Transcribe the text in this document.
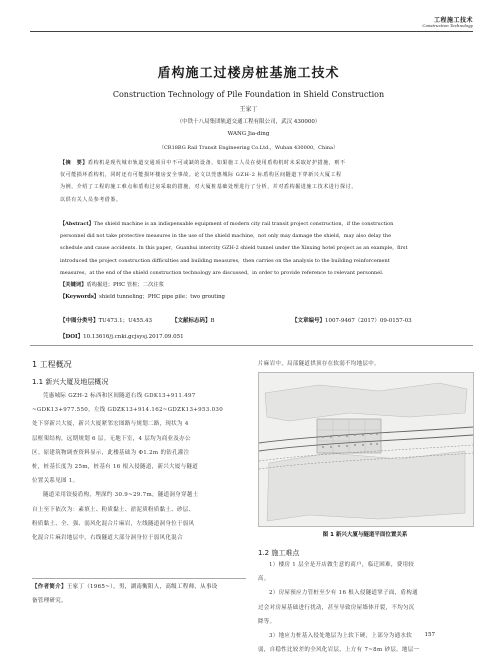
工程施工技术
Construction Technology
盾构施工过楼房桩基施工技术
Construction Technology of Pile Foundation in Shield Construction
王家丁
（中铁十八局集团轨道交通工程有限公司，武汉 430000）
WANG Jia-ding
（CR18BG Rail Transit Engineering Co.Ltd.，Wuhan 430000，China）
【摘　要】盾构机是现代城市轨道交通项目中不可或缺的设备，如果施工人员在使用盾构机时未采取好护措施，则不
仅可能损坏盾构机，同时还有可能损坏楼房安全事故。论文以莞惠城际 GZH-2 标盾构区间隧道下穿新兴大厦工程
为例，介绍了工程的施工难点和盾构过房采取的措施，对大厦桩基础处理进行了分析，并对盾构掘进施工技术进行探讨，
以供有关人员参考借鉴。
【Abstract】The shield machine is an indispensable equipment of modern city rail transit project construction，if the construction
personnel did not take protective measures in the use of the shield machine，not only may damage the shield，may also delay the
schedule and cause accidents. In this paper，Guanhui intercity GZH-2 shield tunnel under the Xinxing hotel project as an example，first
introduced the project construction difficulties and building measures，then carries on the analysis to the building reinforcement
measures，at the end of the shield construction technology are discussed，in order to provide reference to relevant personnel.
【关键词】盾构掘进；PHC 管桩；二次注浆
【Keywords】shield tunneling；PHC pipe pile；two grouting
【中图分类号】TU473.1；U455.43	【文献标志码】B	【文章编号】1007-9467（2017）09-0157-03
【DOI】10.13616/j.cnki.gcjsysj.2017.09.051
1 工程概况
1.1 新兴大厦及地层概况
莞惠城际 GZH-2 标西和区间隧道右线 GDK13+911.497
~GDK13+977.550，左线 GDZK13+914.162~GDZK13+953.030
处下穿新兴大厦，新兴大厦紧邻宏图路与规划二路，现状为 4
层框架结构，远期规划 6 层。无地下室，4 层均为商业及办公
区。原建筑物调查资料显示，此楼基础为 Φ1.2m 的钻孔灌注
桩，桩基长度为 25m，桩基有 16 根入侵隧道，新兴大厦与隧道
位置关系见图 1。
隧道采用铰接盾构，埋深约 30.9~29.7m，隧道洞身穿越土
自上至下依次为：素填土、粉质黏土、淤泥质粉质黏土、砂层、
粉质黏土、全、强、弱风化混合片麻岩，左线隧道洞身位于弱风
化混合片麻岩地层中，右线隧道大部分洞身位于弱风化混合
【作者简介】王家丁（1965~），男，湖南衡阳人，高级工程师，从事设
备管理研究。
片麻岩中，局部隧道拱顶存在软弱不均地层中。
图 1 新兴大厦与隧道平面位置关系
1.2 施工难点
1）楼房 1 层全是开店做生意的商户，临迁困难，费用较
高。
2）房屋预应力管桩至少有 16 根入侵隧道掌子面，盾构通
过会对房屋基础进行扰动，甚至导致房屋墙体开裂，不均匀沉
降等。
3）地应力桩基入侵处地层为上软下硬，上部分为通水软
弱，自稳性比较差的全风化岩层，上方有 7~8m 砂层。地层一
157
